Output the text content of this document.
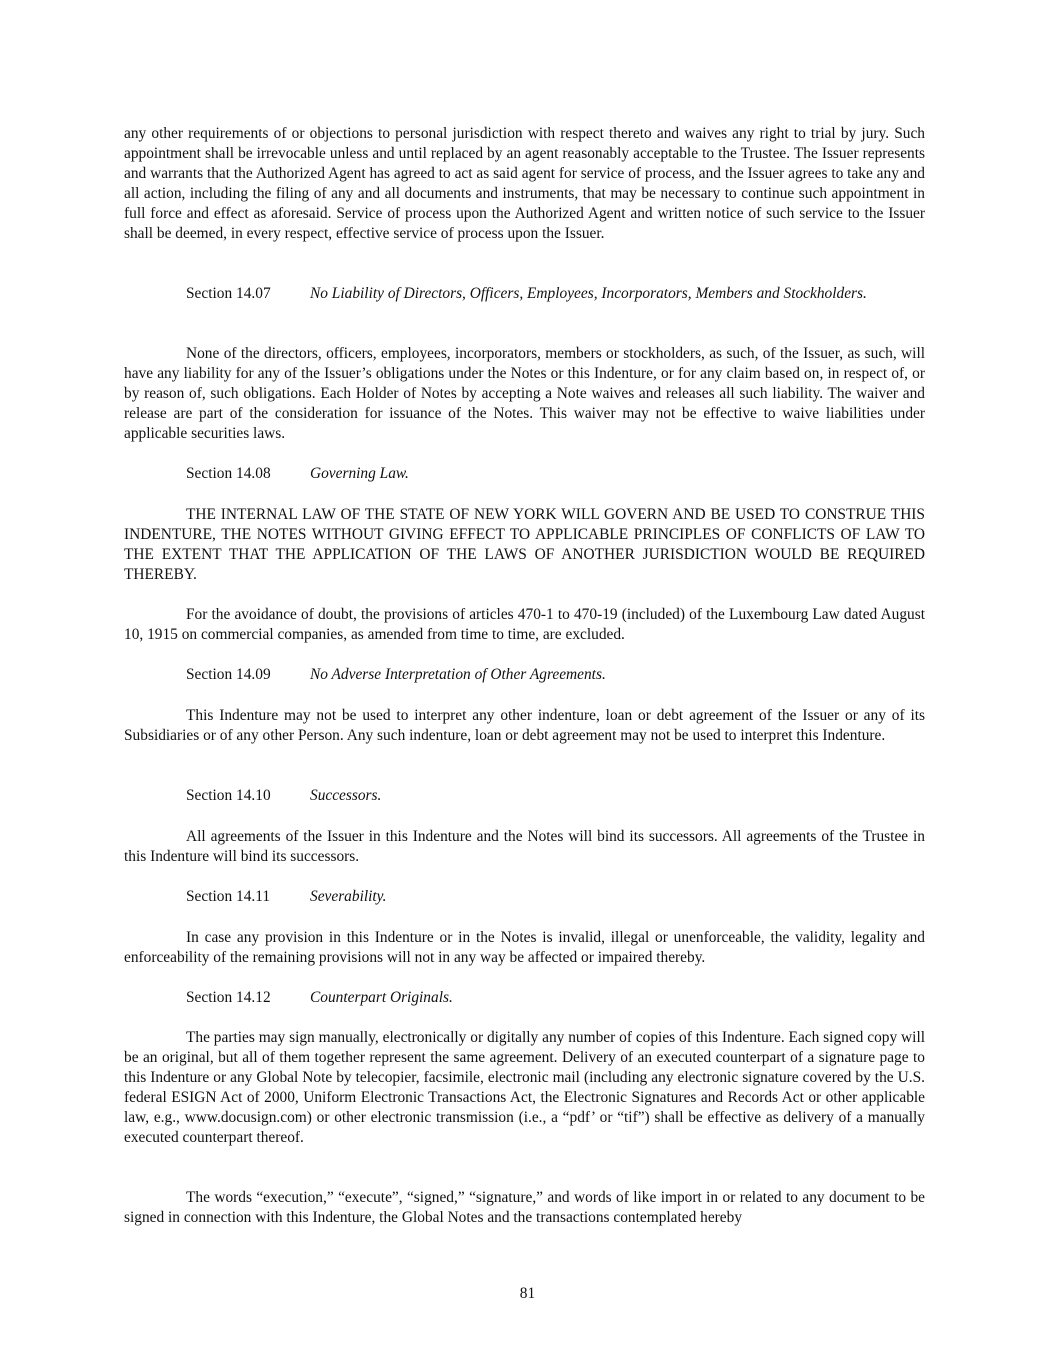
any other requirements of or objections to personal jurisdiction with respect thereto and waives any right to trial by jury. Such appointment shall be irrevocable unless and until replaced by an agent reasonably acceptable to the Trustee. The Issuer represents and warrants that the Authorized Agent has agreed to act as said agent for service of process, and the Issuer agrees to take any and all action, including the filing of any and all documents and instruments, that may be necessary to continue such appointment in full force and effect as aforesaid. Service of process upon the Authorized Agent and written notice of such service to the Issuer shall be deemed, in every respect, effective service of process upon the Issuer.

Section 14.07	No Liability of Directors, Officers, Employees, Incorporators, Members and Stockholders.

None of the directors, officers, employees, incorporators, members or stockholders, as such, of the Issuer, as such, will have any liability for any of the Issuer’s obligations under the Notes or this Indenture, or for any claim based on, in respect of, or by reason of, such obligations. Each Holder of Notes by accepting a Note waives and releases all such liability. The waiver and release are part of the consideration for issuance of the Notes. This waiver may not be effective to waive liabilities under applicable securities laws.

Section 14.08	Governing Law.

THE INTERNAL LAW OF THE STATE OF NEW YORK WILL GOVERN AND BE USED TO CONSTRUE THIS INDENTURE, THE NOTES WITHOUT GIVING EFFECT TO APPLICABLE PRINCIPLES OF CONFLICTS OF LAW TO THE EXTENT THAT THE APPLICATION OF THE LAWS OF ANOTHER JURISDICTION WOULD BE REQUIRED THEREBY.

For the avoidance of doubt, the provisions of articles 470-1 to 470-19 (included) of the Luxembourg Law dated August 10, 1915 on commercial companies, as amended from time to time, are excluded.

Section 14.09	No Adverse Interpretation of Other Agreements.

This Indenture may not be used to interpret any other indenture, loan or debt agreement of the Issuer or any of its Subsidiaries or of any other Person. Any such indenture, loan or debt agreement may not be used to interpret this Indenture.

Section 14.10	Successors.

All agreements of the Issuer in this Indenture and the Notes will bind its successors. All agreements of the Trustee in this Indenture will bind its successors.

Section 14.11	Severability.

In case any provision in this Indenture or in the Notes is invalid, illegal or unenforceable, the validity, legality and enforceability of the remaining provisions will not in any way be affected or impaired thereby.

Section 14.12	Counterpart Originals.

The parties may sign manually, electronically or digitally any number of copies of this Indenture. Each signed copy will be an original, but all of them together represent the same agreement. Delivery of an executed counterpart of a signature page to this Indenture or any Global Note by telecopier, facsimile, electronic mail (including any electronic signature covered by the U.S. federal ESIGN Act of 2000, Uniform Electronic Transactions Act, the Electronic Signatures and Records Act or other applicable law, e.g., www.docusign.com) or other electronic transmission (i.e., a “pdf’ or “tif”) shall be effective as delivery of a manually executed counterpart thereof.

The words “execution,” “execute”, “signed,” “signature,” and words of like import in or related to any document to be signed in connection with this Indenture, the Global Notes and the transactions contemplated hereby

81
